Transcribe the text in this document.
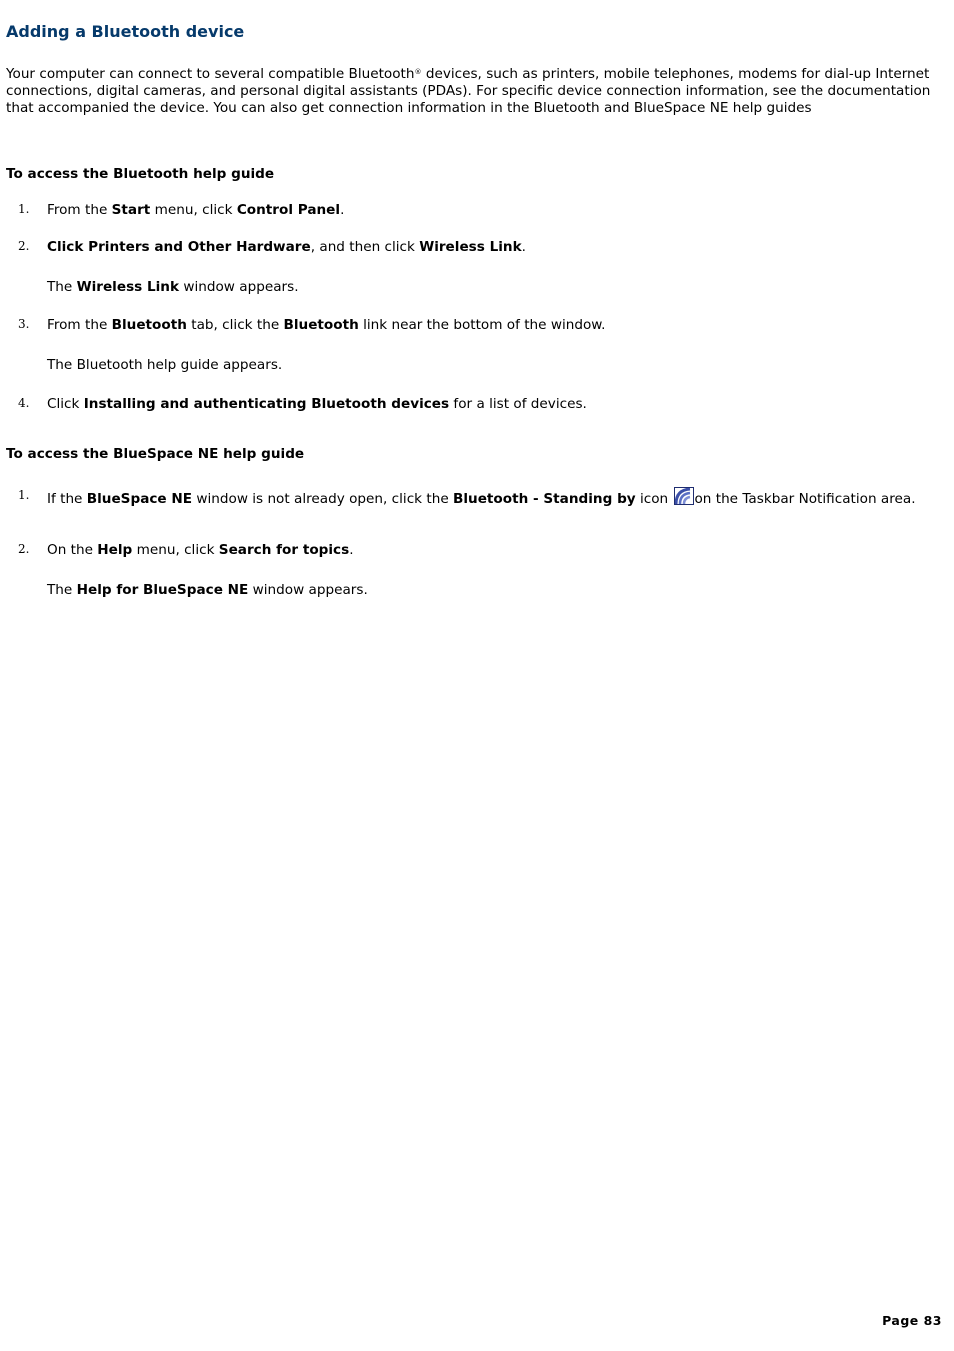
Adding a Bluetooth device

Your computer can connect to several compatible Bluetooth® devices, such as printers, mobile telephones, modems for dial-up Internet connections, digital cameras, and personal digital assistants (PDAs). For specific device connection information, see the documentation that accompanied the device. You can also get connection information in the Bluetooth and BlueSpace NE help guides

To access the Bluetooth help guide
1. From the Start menu, click Control Panel.

2. Click Printers and Other Hardware, and then click Wireless Link.

The Wireless Link window appears.

3. From the Bluetooth tab, click the Bluetooth link near the bottom of the window.

The Bluetooth help guide appears.

4. Click Installing and authenticating Bluetooth devices for a list of devices.

To access the BlueSpace NE help guide
1. If the BlueSpace NE window is not already open, click the Bluetooth - Standing by icon on the Taskbar Notification area.

2. On the Help menu, click Search for topics.

The Help for BlueSpace NE window appears.

Page 83
